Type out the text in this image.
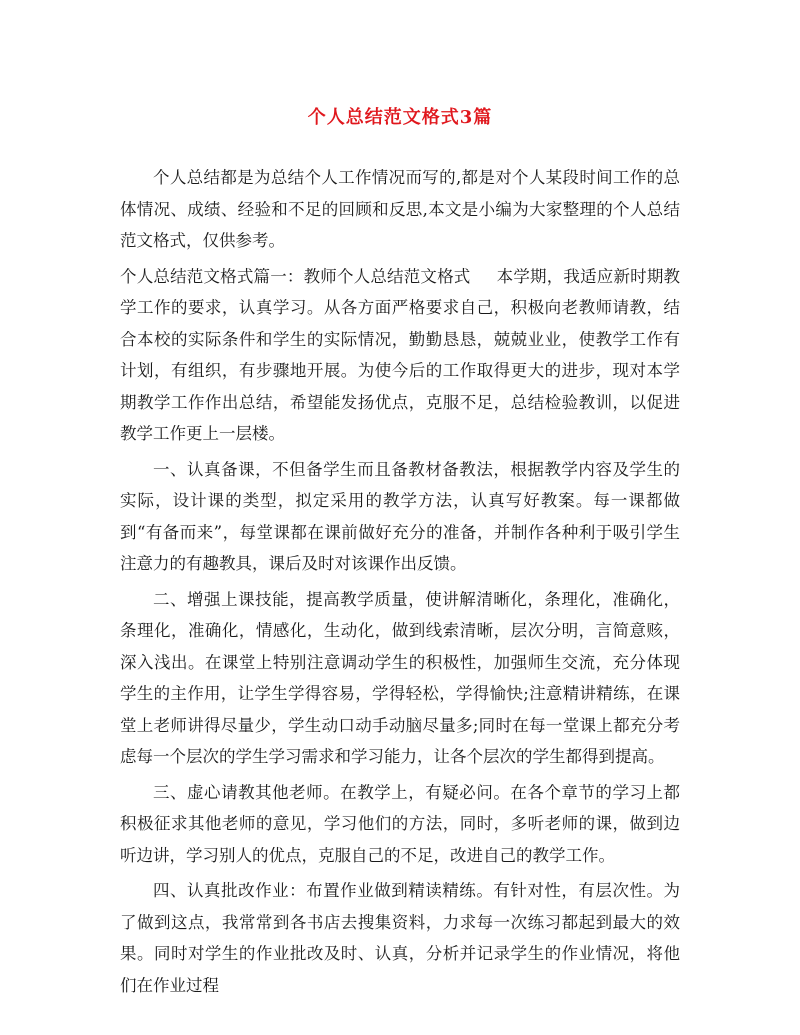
个人总结范文格式3篇

个人总结都是为总结个人工作情况而写的,都是对个人某段时间工作的总体情况、成绩、经验和不足的回顾和反思,本文是小编为大家整理的个人总结范文格式，仅供参考。

个人总结范文格式篇一：教师个人总结范文格式 本学期，我适应新时期教学工作的要求，认真学习。从各方面严格要求自己，积极向老教师请教，结合本校的实际条件和学生的实际情况，勤勤恳恳，兢兢业业，使教学工作有计划，有组织，有步骤地开展。为使今后的工作取得更大的进步，现对本学期教学工作作出总结，希望能发扬优点，克服不足，总结检验教训，以促进教学工作更上一层楼。

一、认真备课，不但备学生而且备教材备教法，根据教学内容及学生的实际，设计课的类型，拟定采用的教学方法，认真写好教案。每一课都做到“有备而来”，每堂课都在课前做好充分的准备，并制作各种利于吸引学生注意力的有趣教具，课后及时对该课作出反馈。

二、增强上课技能，提高教学质量，使讲解清晰化，条理化，准确化，条理化，准确化，情感化，生动化，做到线索清晰，层次分明，言简意赅，深入浅出。在课堂上特别注意调动学生的积极性，加强师生交流，充分体现学生的主作用，让学生学得容易，学得轻松，学得愉快;注意精讲精练，在课堂上老师讲得尽量少，学生动口动手动脑尽量多;同时在每一堂课上都充分考虑每一个层次的学生学习需求和学习能力，让各个层次的学生都得到提高。

三、虚心请教其他老师。在教学上，有疑必问。在各个章节的学习上都积极征求其他老师的意见，学习他们的方法，同时，多听老师的课，做到边听边讲，学习别人的优点，克服自己的不足，改进自己的教学工作。

四、认真批改作业：布置作业做到精读精练。有针对性，有层次性。为了做到这点，我常常到各书店去搜集资料，力求每一次练习都起到最大的效果。同时对学生的作业批改及时、认真，分析并记录学生的作业情况，将他们在作业过程
